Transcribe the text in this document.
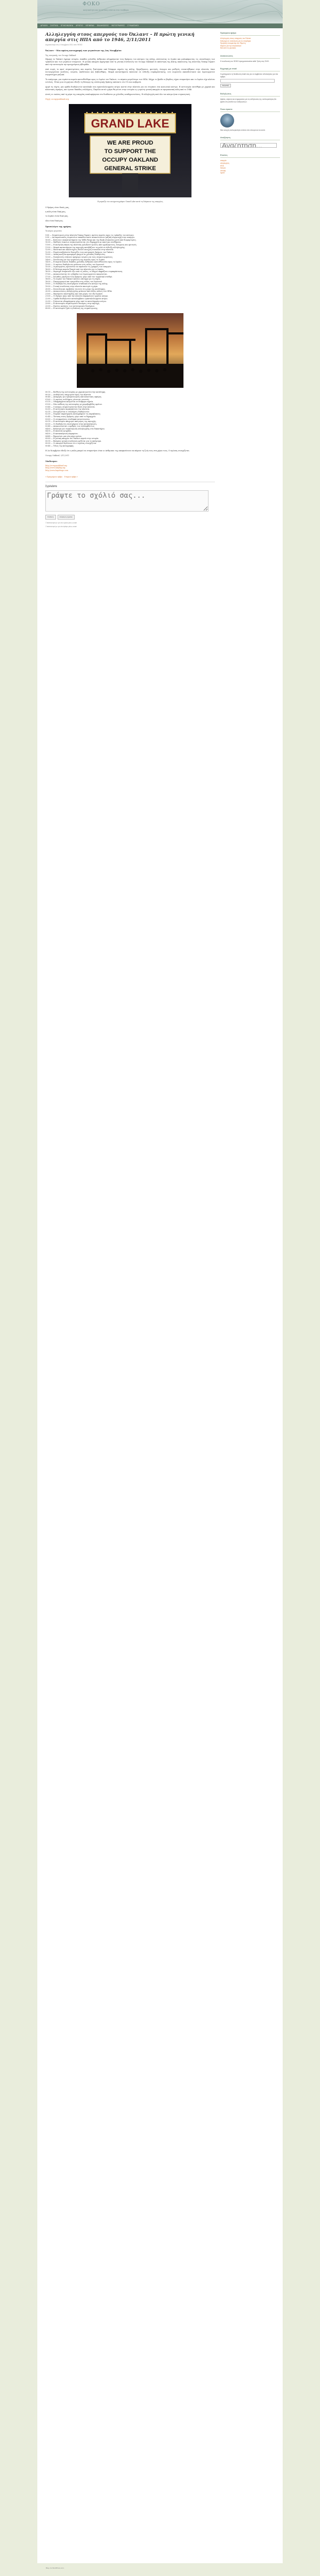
ΦΟΚΟ
κινητικότητα και αντίσταση ενάντια στα ντουβάρια
ΑΡΧΙΚΉ ΣΧΕΤΙΚΆ ΕΠΙΚΟΙΝΩΝΊΑ ΑΡΧΕΊΟ ΚΕΊΜΕΝΑ ΕΚΔΗΛΏΣΕΙΣ ΦΩΤΟΓΡΑΦΊΕΣ ΣΎΝΔΕΣΜΟΙ
Αλληλεγγύη στους απεργούς του Όκλαντ – Η πρώτη γενική απεργία στις ΗΠΑ από το 1946, 2/11/2011
Δημοσιεύτηκε στις 4 Νοεμβρίου 2011 από ΦΟΚΟ
Όκλαντ – Μια πρώτη καταγραφή των γεγονότων της 2ας Νοεμβρίου
Της επιτροπής του Occupy Oakland

Σήμερα το Όκλαντ έγραψε ιστορία. Δεκάδες χιλιάδες άνθρωποι πλημμύρισαν τους δρόμους του κέντρου της πόλης, κλείνοντας το λιμάνι και μπλοκάροντας τις συναλλαγές των τραπεζών και των μεγάλων εταιρειών. Η γενική απεργία κηρύχτηκε από τη γενική συνέλευση του Occupy Oakland σε απάντηση της βίαιης εκκένωσης της πλατείας Όσκαρ Γκραντ από την αστυνομία την προηγούμενη εβδομάδα.

Από νωρίς το πρωί συγκεντρώσεις και πορείες ξεκίνησαν από διάφορα σημεία της πόλης. Εργαζόμενοι, φοιτητές, άνεργοι και μαθητές συναντήθηκαν στην πλατεία, όπου λειτουργούσαν κουζίνες, ιατρεία, παιδότοποι και βιβλιοθήκες. Μικρά καταστήματα έκλεισαν σε ένδειξη συμπαράστασης, ενώ σωματεία εκπαιδευτικών και λιμενεργατών συμμετείχαν μαζικά.

Το απόγευμα, μια τεράστια πορεία κατευθύνθηκε προς το λιμάνι του Όκλαντ, το πέμπτο μεγαλύτερο των ΗΠΑ. Μέχρι το βράδυ οι βάρδιες είχαν σταματήσει και το λιμάνι είχε κλείσει εντελώς. Ήταν μια στιγμή που έδειξε τη δύναμη της συλλογικής δράσης απέναντι στο 1% που κυβερνά.

Αργά τη νύχτα, μια ομάδα διαδηλωτών κατέλαβε ένα εγκαταλελειμμένο κτίριο κοντά στην πλατεία για να στεγάσει ένα κοινωνικό κέντρο. Η αστυνομία επιτέθηκε με χημικά και πλαστικές σφαίρες, και έγιναν δεκάδες συλλήψεις. Παρόλα αυτά η μέρα θα μείνει στην ιστορία ως η πρώτη γενική απεργία σε αμερικανική πόλη από το 1946.

Αυτές οι εικόνες από τη μέρα της απεργίας κυκλοφόρησαν στο διαδίκτυο με χιλιάδες αναδημοσιεύσεις. Η αλληλεγγύη από όλο τον κόσμο ήταν συγκινητική.

Πηγή: occupyoakland.org

GRAND LAKE
WE ARE PROUD
TO SUPPORT THE
OCCUPY OAKLAND
GENERAL STRIKE
Η μαρκίζα του κινηματογράφου Grand Lake κατά τη διάρκεια της απεργίας

Ο δρόμος είναι δικός μας,

η πόλη είναι δική μας,

το λιμάνι είναι δικό μας,

όλα είναι δικά μας.

Χρονολόγιο της ημέρας
Τα κύρια γεγονότα
9:00 — Συγκέντρωση στην πλατεία Όσκαρ Γκραντ, πρώτες πορείες προς τις τράπεζες του κέντρου.
9:30 — Αντιπροσωπείες σωματείων εκπαιδευτικών ανακοινώνουν μαζική συμμετοχή στην απεργία.
10:00 — Κλείνουν υποκαταστήματα της Wells Fargo και της Bank of America μετά από διαμαρτυρίες.
10:30 — Μαθητές λυκείων συγκεντρώνονται στο δημαρχείο με πανό και συνθήματα.
11:00 — Η κεντρική σκηνή της πλατείας φιλοξενεί ομιλίες από εργαζόμενους, άνεργους και φοιτητές.
11:30 — Μικρά καταστήματα της περιοχής κατεβάζουν τα ρολά σε ένδειξη αλληλεγγύης.
12:00 — Μουσικοί και καλλιτέχνες δίνουν ανοιχτή συναυλία στην πλατεία.
12:30 — Πορεία ποδηλατών διασχίζει τους κεντρικούς δρόμους του Όκλαντ.
13:00 — Λαϊκή κουζίνα προσφέρει φαγητό σε χιλιάδες διαδηλωτές.
13:30 — Νοσηλευτές στήνουν πρόχειρο ιατρείο για τους συγκεντρωμένους.
14:00 — Συνέλευση για την οργάνωση της πορείας προς το λιμάνι.
14:30 — Η πορεία ξεκινά, δεκάδες χιλιάδες άνθρωποι κατευθύνονται προς το λιμάνι.
15:00 — Οι πρώτοι διαδηλωτές φτάνουν στις πύλες του λιμανιού.
15:30 — Λιμενεργάτες αρνούνται να περάσουν τις γραμμές των απεργών.
16:00 — Η δεύτερη πορεία ξεκινά από την πλατεία για το λιμάνι.
16:30 — Φορτηγά σταματούν έξω από τις πύλες, οι οδηγοί εκφράζουν συμπαράσταση.
17:00 — Ανακοινώνεται ότι η βάρδια των λιμενεργατών ακυρώνεται.
17:30 — Χιλιάδες γεμίζουν τους δρόμους γύρω από τον τερματικό σταθμό.
18:00 — Το λιμάνι του Όκλαντ κλείνει επίσημα για τη νύχτα.
18:30 — Πανηγυρισμοί και τραγούδια στις πύλες του λιμανιού.
19:00 — Οι διαδηλωτές επιστρέφουν σταδιακά στο κέντρο της πόλης.
19:30 — Γενική συνέλευση στην πλατεία αποτιμά τη μέρα.
20:00 — Συναυλία και προβολές ταινιών στο χώρο της κατάληψης.
20:30 — Ανακοινώσεις αλληλεγγύης φτάνουν από άλλες πόλεις των ΗΠΑ.
21:00 — Μηνύματα υποστήριξης και από χώρες του εξωτερικού.
21:30 — Οι δρόμοι γύρω από την πλατεία παραμένουν γεμάτοι κόσμο.
22:00 — Ομάδα διαδηλωτών καταλαμβάνει εγκαταλελειμμένο κτίριο.
22:30 — Στήνονται οδοφράγματα γύρω από το κατειλημμένο κτίριο.
23:00 — Η αστυνομία συγκεντρώνει δυνάμεις στην περιοχή.
23:30 — Πρώτες κινήσεις των αστυνομικών δυνάμεων.
00:00 — Η αστυνομία ζητά τη διάλυση της συγκέντρωσης.
00:15 — Επίθεση της αστυνομίας με χημικά κοντά στην κατάληψη.
00:30 — Διαδηλωτές υποχωρούν προς την πλατεία.
00:45 — Αναφορές για τραυματισμούς από πλαστικές σφαίρες.
01:00 — Οι πρώτες συλλήψεις γίνονται γνωστές.
01:15 — Οδοφράγματα καίγονται σε διάφορα σημεία.
01:30 — Νέα επίθεση της αστυνομίας με χειροβομβίδες κρότου.
01:45 — Ο κόσμος συγκεντρώνεται ξανά στην πλατεία.
02:00 — Η αστυνομία περικυκλώνει την πλατεία.
02:15 — Συνεχίζονται οι συλλήψεις διαδηλωτών.
02:30 — Νομικοί παρατηρητές καταγράφουν τις παραβιάσεις.
02:45 — Ένταση στους δρόμους γύρω από το δημαρχείο.
03:00 — Οι συγκρούσεις σταδιακά εκτονώνονται.
03:15 — Η αστυνομία αποχωρεί από μέρος της περιοχής.
03:30 — Οι διαδηλωτές επιστρέφουν στην κατασκήνωση.
03:45 — Ανακοινώνεται ο αριθμός των συλληφθέντων.
04:00 — Κάλεσμα για συγκέντρωση αλληλεγγύης στα δικαστήρια.
04:15 — Η πλατεία ησυχάζει.
04:30 — Η κατασκήνωση παραμένει.
04:45 — Ξημερώνει μια νέα μέρα αγώνα.
05:00 — Η γενική απεργία του Όκλαντ περνά στην ιστορία.
05:15 — Επόμενη γενική συνέλευση ορίζεται για το απόγευμα.
05:30 — Οι απεργοί δηλώνουν ότι ο αγώνας συνεχίζεται.
05:45 — Τέλος της καταγραφής.

Η 2α Νοεμβρίου έδειξε ότι η πόλη μπορεί να σταματήσει όταν οι άνθρωποι της αποφασίσουν να πάρουν τη ζωή τους στα χέρια τους. Ο αγώνας συνεχίζεται.

Occupy Oakland, 3/11/2011

Σύνδεσμοι:
http://occupyoakland.org
http://www.indybay.org
http://www.bayofrage.com
« Προηγούμενο άρθρο Επόμενο άρθρο »
Σχολιάστε
Γράψτε το σχόλιό σας...
Σύνδεση	Ανάρτηση σχολίου
☐ Ειδοποίησέ με για νέα σχόλια μέσω email.
☐ Ειδοποίησέ με για νέα άρθρα μέσω email.
Πρόσφατα άρθρα
Αλληλεγγύη στους απεργούς του Όκλαντ
Κάλεσμα σε συνέλευση για τα ντουβάρια
Προβολή ντοκιμαντέρ την Πέμπτη
Κείμενο για την κινητικότητα
Νέα από τις φυλακές
Ανακοινώσεις
Η συνέλευση του ΦΟΚΟ πραγματοποιείται κάθε Τρίτη στις 20:00.
Εγγραφή με email
Συμπληρώστε τη διεύθυνση email σας για να λαμβάνετε ειδοποιήσεις για νέα άρθρα.
Εγγραφή
Εκδηλώσεις
Αφίσες, κείμενα και ενημερώσεις για τις εκδηλώσεις της συλλογικότητας θα βρείτε στη σελίδα των εκδηλώσεων.
Ποιοι είμαστε
Μια ανοιχτή συλλογικότητα ενάντια στα σύνορα και τα κελιά.
Αναζήτηση
Αναζήτηση...
Ετικέτες
απεργία
αλληλεγγύη
ΗΠΑ
Όκλαντ
occupy
λιμάνι
Blog στο WordPress.com.
